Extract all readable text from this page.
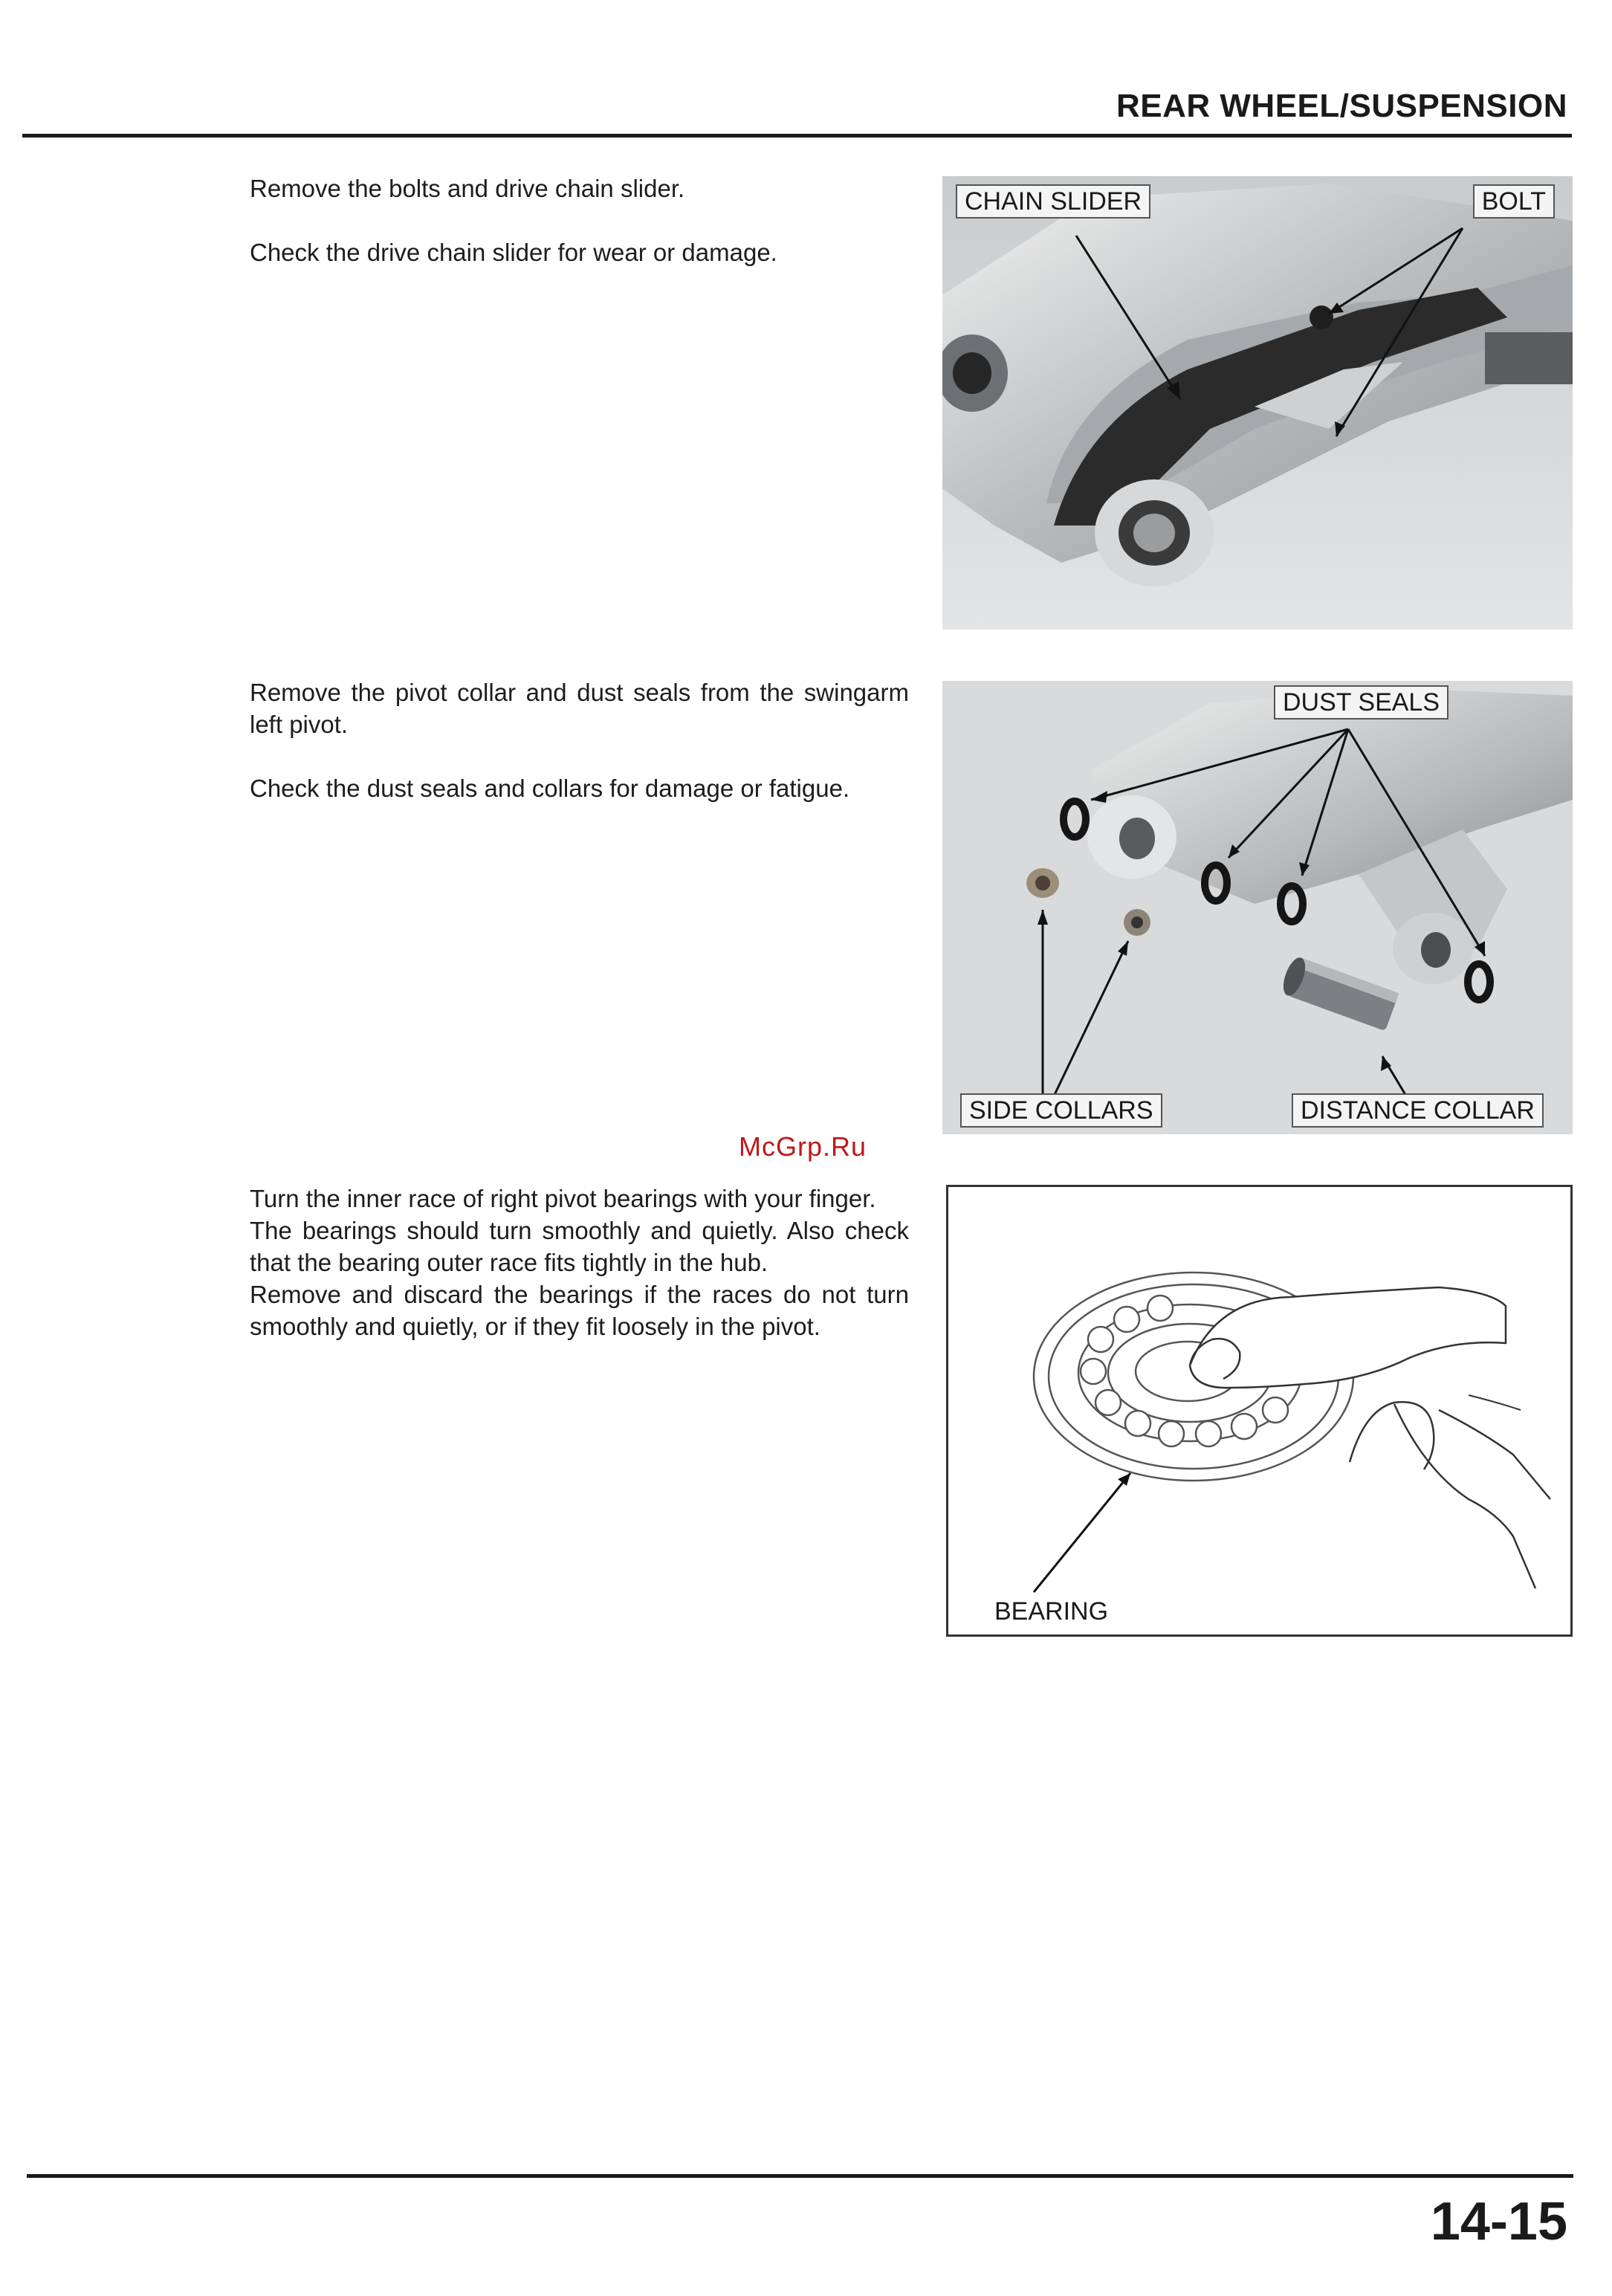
REAR WHEEL/SUSPENSION

Remove the bolts and drive chain slider.

Check the drive chain slider for wear or damage.

CHAIN SLIDER	BOLT

Remove the pivot collar and dust seals from the swingarm left pivot.

Check the dust seals and collars for damage or fatigue.

DUST SEALS
SIDE COLLARS	DISTANCE COLLAR
McGrp.Ru

Turn the inner race of right pivot bearings with your finger.

The bearings should turn smoothly and quietly. Also check that the bearing outer race fits tightly in the hub.

Remove and discard the bearings if the races do not turn smoothly and quietly, or if they fit loosely in the pivot.

BEARING
14-15
